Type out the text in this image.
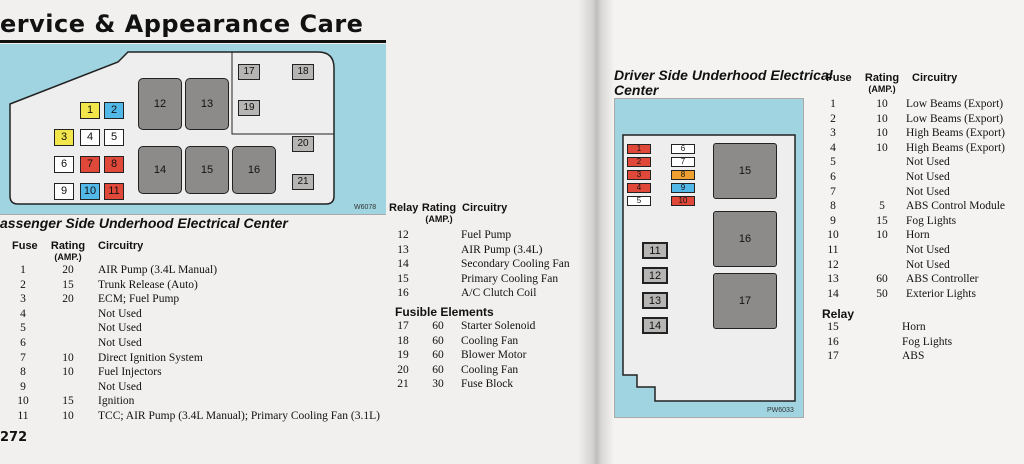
ervice & Appearance Care
1	2
3	4	5
6	7	8
9	10	11
12	13
14	15	16
17	18
19
20
21
W6078
assenger Side Underhood Electrical Center
Fuse Rating
(AMP.)
Circuitry
1	20	AIR Pump (3.4L Manual)
2	15	Trunk Release (Auto)
3	20	ECM; Fuel Pump
4	Not Used
5	Not Used
6	Not Used
7	10	Direct Ignition System
8	10	Fuel Injectors
9	Not Used
10	15	Ignition
11	10	TCC; AIR Pump (3.4L Manual); Primary Cooling Fan (3.1L)
Relay Rating
(AMP.)
Circuitry
12	Fuel Pump
13	AIR Pump (3.4L)
14	Secondary Cooling Fan
15	Primary Cooling Fan
16	A/C Clutch Coil
Fusible Elements
17	60	Starter Solenoid
18	60	Cooling Fan
19	60	Blower Motor
20	60	Cooling Fan
21	30	Fuse Block
272
Driver Side Underhood Electrical
Center
1
2
3
4
5
6
7
8
9
10
11
12
13
14
15
16
17
PW6033
Fuse Rating
(AMP.)
Circuitry
1	10	Low Beams (Export)
2	10	Low Beams (Export)
3	10	High Beams (Export)
4	10	High Beams (Export)
5	Not Used
6	Not Used
7	Not Used
8	5	ABS Control Module
9	15	Fog Lights
10	10	Horn
11	Not Used
12	Not Used
13	60	ABS Controller
14	50	Exterior Lights
Relay
15	Horn
16	Fog Lights
17	ABS
